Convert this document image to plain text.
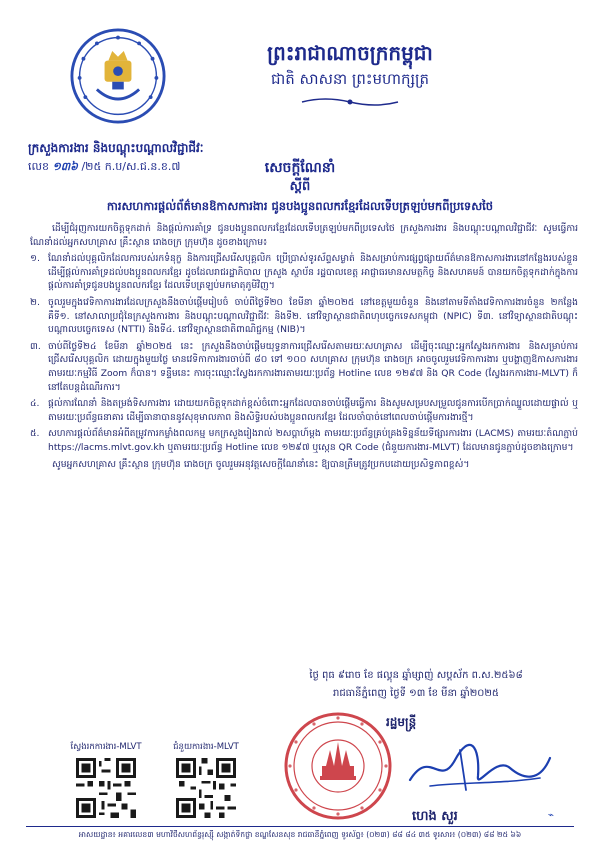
ព្រះរាជាណាចក្រកម្ពុជា
ជាតិ សាសនា ព្រះមហាក្សត្រ
ក្រសួងការងារ និងបណ្តុះបណ្តាលវិជ្ជាជីវៈ
លេខ ១៣៦ /២៥ ក.ប/ស.ជ.ន.ខ.៧	សេចក្តីណែនាំ
ស្តីពី
ការសហការផ្តល់ព័ត៌មានឱកាសការងារ ជូនបងប្អូនពលករខ្មែរដែលទើបត្រឡប់មកពីប្រទេសថៃ

ដើម្បីជំរុញការយកចិត្តទុកដាក់ និងផ្តល់ការគាំទ្រ ជូនបងប្អូនពលករខ្មែរដែលទើបត្រឡប់មកពីប្រទេសថៃ ក្រសួងការងារ និងបណ្តុះបណ្តាលវិជ្ជាជីវៈ សូមធ្វើការណែនាំដល់អ្នកសហគ្រាស គ្រឹះស្ថាន រោងចក្រ ក្រុមហ៊ុន ដូចខាងក្រោម៖

១. ណែនាំដល់បុគ្គលិកដែលការបស់រកទំនុក្ខ និងការជ្រើសរើសបុគ្គលិក ប្រើប្រាស់ទូរស័ព្ទសម្ងាត់ និងសម្រាប់ការផ្សព្វផ្សាយព័ត៌មានឱកាសការងារនៅកន្លែងរបស់ខ្លួន ដើម្បីផ្តល់ការគាំទ្រដល់បងប្អូនពលករខ្មែរ ដូចដែលរាជរដ្ឋាភិបាល ក្រសួង ស្ថាប័ន រដ្ឋបាលខេត្ត អាជ្ញាធរមានសមត្ថកិច្ច និងសហគមន៍ បានយកចិត្តទុកដាក់ក្នុងការផ្តល់ការគាំទ្រជូនបងប្អូនពលករខ្មែរ ដែលទើបត្រឡប់មកមាតុភូមិវិញ។
២. ចូលរួមក្នុងវេទិកាការងារដែលក្រសួងនឹងចាប់ផ្តើមរៀបចំ ចាប់ពីថ្ងៃទី២០ ខែមីនា ឆ្នាំ២០២៥ នៅខេត្តមួយចំនួន និងនៅតាមទីតាំងវេទិកាការងារចំនួន ២កន្លែង គឺទី១. នៅសាលាប្រជុំនៃក្រសួងការងារ និងបណ្តុះបណ្តាលវិជ្ជាជីវៈ និងទី២. នៅវិទ្យាស្ថានជាតិពហុបច្ចេកទេសកម្ពុជា (NPIC) ទី៣. នៅវិទ្យាស្ថានជាតិបណ្តុះបណ្តាលបច្ចេកទេស (NTTI) និងទី៤. នៅវិទ្យាស្ថានជាតិពាណិជ្ជកម្ម (NIB)។
៣. ចាប់ពីថ្ងៃទី២៤ ខែមីនា ឆ្នាំ២០២៥ នេះ ក្រសួងនឹងចាប់ផ្តើមយុទ្ធនាការជ្រើសរើសតាមរយៈសហគ្រាស ដើម្បីចុះឈ្មោះអ្នកស្វែងរកការងារ និងសម្រាប់ការជ្រើសរើសបុគ្គលិក ដោយក្នុងមួយថ្ងៃ មានវេទិកាការងារចាប់ពី ៨០ ទៅ ១០០ សហគ្រាស ក្រុមហ៊ុន រោងចក្រ អាចចូលរួមវេទិកាការងារ ឬបង្ហាញឱកាសការងារ តាមរយៈកម្មវិធី Zoom ក៏បាន។ ទន្ទឹមនេះ ការចុះឈ្មោះស្វែងរកការងារតាមរយៈប្រព័ន្ធ Hotline លេខ ១២៩៧ និង QR Code (ស្វែងរកការងារ-MLVT) ក៏នៅតែបន្តដំណើរការ។
៤. ផ្តល់ការណែនាំ និងតម្រង់ទិសការងារ ដោយយកចិត្តទុកដាក់ខ្ពស់ចំពោះអ្នកដែលបានចាប់ផ្តើមធ្វើការ និងសូមសម្របសម្រួលជូនការបើកប្រាក់ឈ្នួលដោយផ្ទាល់ ឬតាមរយៈប្រព័ន្ធធនាគារ ដើម្បីធានាបាននូវសុខុមាលភាព និងសិទ្ធិរបស់បងប្អូនពលករខ្មែរ ដែលចាំបាច់នៅពេលចាប់ផ្តើមការងារថ្មី។
៥. សហការផ្តល់ព័ត៌មានអំពីតម្រូវការកម្លាំងពលកម្ម មកក្រសួងរៀងរាល់ ២សប្តាហ៍ម្តង តាមរយៈប្រព័ន្ធគ្រប់គ្រងទិន្នន័យទីផ្សារការងារ (LACMS) តាមរយៈតំណភ្ជាប់ https://lacms.mlvt.gov.kh ឬតាមរយៈប្រព័ន្ធ Hotline លេខ ១២៩៧ ឬស្កេន QR Code (ជំនួយការងារ-MLVT) ដែលមានជូនភ្ជាប់ដូចខាងក្រោម។

សូមអ្នកសហគ្រាស គ្រឹះស្ថាន ក្រុមហ៊ុន រោងចក្រ ចូលរួមអនុវត្តសេចក្តីណែនាំនេះ ឱ្យបានត្រឹមត្រូវប្រកបដោយប្រសិទ្ធភាពខ្ពស់។

ថ្ងៃ ពុធ ៩រោច ខែ ផល្គុន ឆ្នាំម្សាញ់ សប្តស័ក ព.ស.២៥៦៨
រាជធានីភ្នំពេញ ថ្ងៃទី ១៣ ខែ មីនា ឆ្នាំ២០២៥
រដ្ឋមន្ត្រី
ហេង សួរ
ស្វែងរកការងារ-MLVT	ជំនួយការងារ-MLVT
⌁
អាសយដ្ឋាន៖ អគារលេខ៣ មហាវិថីសហព័ន្ធរុស្ស៊ី សង្កាត់ទឹកថ្លា ខណ្ឌសែនសុខ រាជធានីភ្នំពេញ ទូរស័ព្ទ៖ (០២៣) ៨៨ ៨៤ ៣៥ ទូរសារ៖ (០២៣) ៨៨ ២៥ ៦៦
